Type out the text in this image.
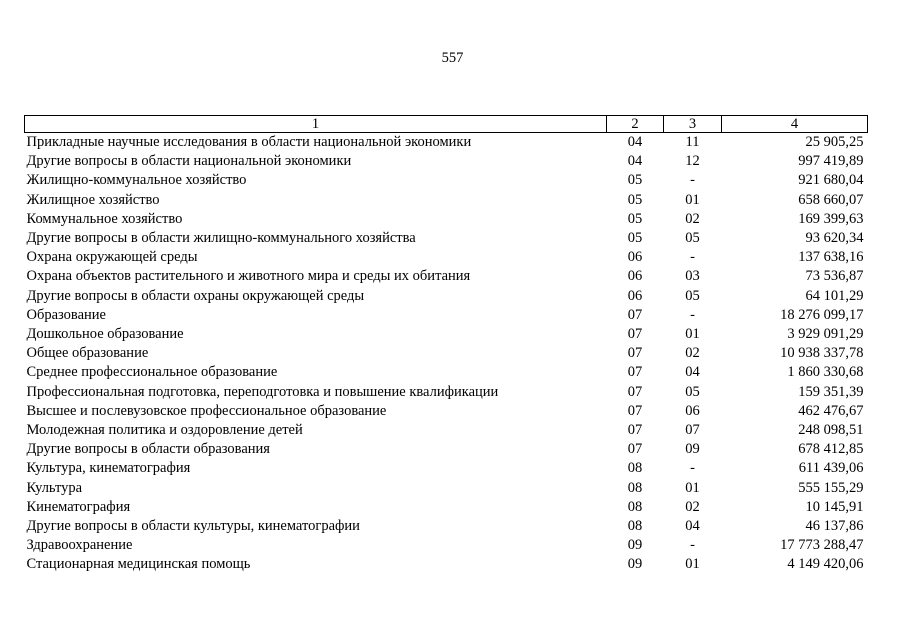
557
1	2	3	4
Прикладные научные исследования в области национальной экономики	04	11	25 905,25
Другие вопросы в области национальной экономики	04	12	997 419,89
Жилищно-коммунальное хозяйство	05	-	921 680,04
Жилищное хозяйство	05	01	658 660,07
Коммунальное хозяйство	05	02	169 399,63
Другие вопросы в области жилищно-коммунального хозяйства	05	05	93 620,34
Охрана окружающей среды	06	-	137 638,16
Охрана объектов растительного и животного мира и среды их обитания	06	03	73 536,87
Другие вопросы в области охраны окружающей среды	06	05	64 101,29
Образование	07	-	18 276 099,17
Дошкольное образование	07	01	3 929 091,29
Общее образование	07	02	10 938 337,78
Среднее профессиональное образование	07	04	1 860 330,68
Профессиональная подготовка, переподготовка и повышение квалификации	07	05	159 351,39
Высшее и послевузовское профессиональное образование	07	06	462 476,67
Молодежная политика и оздоровление детей	07	07	248 098,51
Другие вопросы в области образования	07	09	678 412,85
Культура, кинематография	08	-	611 439,06
Культура	08	01	555 155,29
Кинематография	08	02	10 145,91
Другие вопросы в области культуры, кинематографии	08	04	46 137,86
Здравоохранение	09	-	17 773 288,47
Стационарная медицинская помощь	09	01	4 149 420,06
